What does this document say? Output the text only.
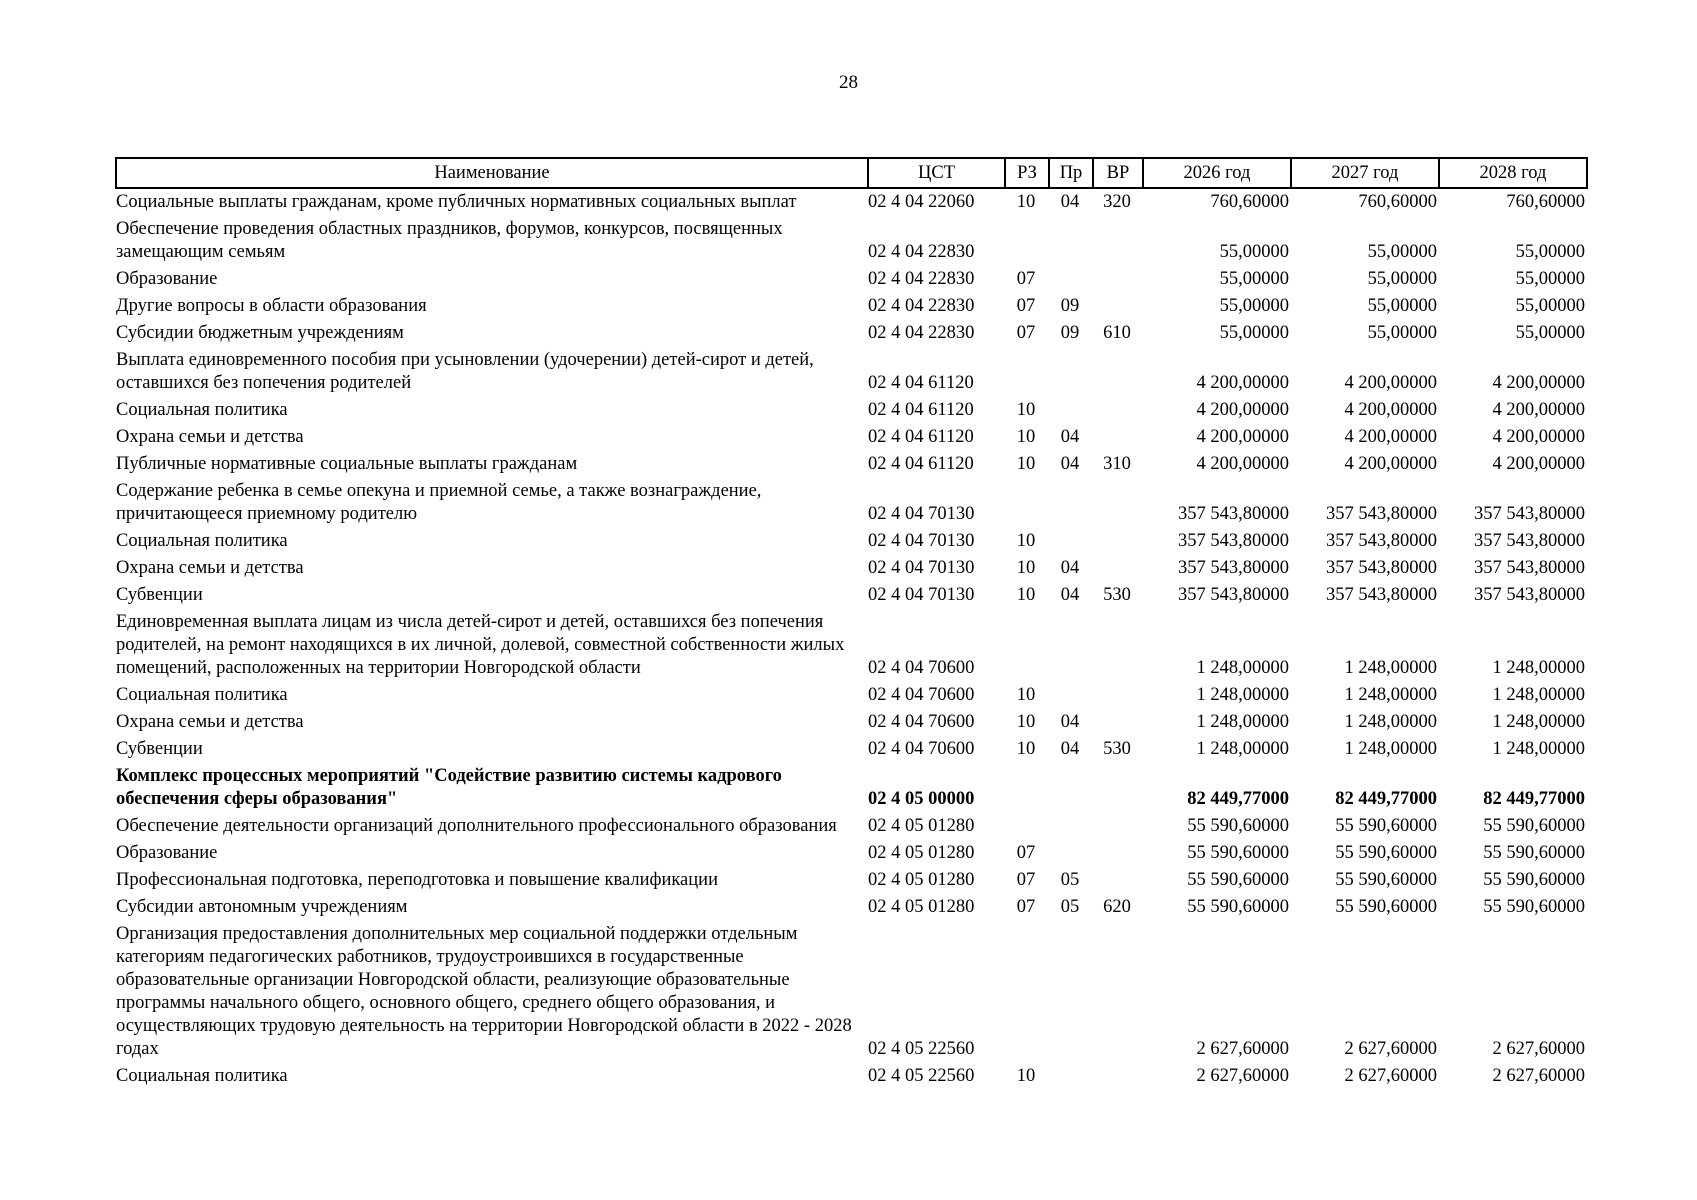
28
Наименование	ЦСТ	РЗ	Пр	ВР	2026 год	2027 год	2028 год
Социальные выплаты гражданам, кроме публичных нормативных социальных выплат	02 4 04 22060	10	04	320	760,60000	760,60000	760,60000
Обеспечение проведения областных праздников, форумов, конкурсов, посвященных замещающим семьям	02 4 04 22830				55,00000	55,00000	55,00000
Образование	02 4 04 22830	07			55,00000	55,00000	55,00000
Другие вопросы в области образования	02 4 04 22830	07	09		55,00000	55,00000	55,00000
Субсидии бюджетным учреждениям	02 4 04 22830	07	09	610	55,00000	55,00000	55,00000
Выплата единовременного пособия при усыновлении (удочерении) детей-сирот и детей, оставшихся без попечения родителей	02 4 04 61120				4 200,00000	4 200,00000	4 200,00000
Социальная политика	02 4 04 61120	10			4 200,00000	4 200,00000	4 200,00000
Охрана семьи и детства	02 4 04 61120	10	04		4 200,00000	4 200,00000	4 200,00000
Публичные нормативные социальные выплаты гражданам	02 4 04 61120	10	04	310	4 200,00000	4 200,00000	4 200,00000
Содержание ребенка в семье опекуна и приемной семье, а также вознаграждение, причитающееся приемному родителю	02 4 04 70130				357 543,80000	357 543,80000	357 543,80000
Социальная политика	02 4 04 70130	10			357 543,80000	357 543,80000	357 543,80000
Охрана семьи и детства	02 4 04 70130	10	04		357 543,80000	357 543,80000	357 543,80000
Субвенции	02 4 04 70130	10	04	530	357 543,80000	357 543,80000	357 543,80000
Единовременная выплата лицам из числа детей-сирот и детей, оставшихся без попечения родителей, на ремонт находящихся в их личной, долевой, совместной собственности жилых помещений, расположенных на территории Новгородской области	02 4 04 70600				1 248,00000	1 248,00000	1 248,00000
Социальная политика	02 4 04 70600	10			1 248,00000	1 248,00000	1 248,00000
Охрана семьи и детства	02 4 04 70600	10	04		1 248,00000	1 248,00000	1 248,00000
Субвенции	02 4 04 70600	10	04	530	1 248,00000	1 248,00000	1 248,00000
Комплекс процессных мероприятий "Содействие развитию системы кадрового обеспечения сферы образования"	02 4 05 00000				82 449,77000	82 449,77000	82 449,77000
Обеспечение деятельности организаций дополнительного профессионального образования	02 4 05 01280				55 590,60000	55 590,60000	55 590,60000
Образование	02 4 05 01280	07			55 590,60000	55 590,60000	55 590,60000
Профессиональная подготовка, переподготовка и повышение квалификации	02 4 05 01280	07	05		55 590,60000	55 590,60000	55 590,60000
Субсидии автономным учреждениям	02 4 05 01280	07	05	620	55 590,60000	55 590,60000	55 590,60000
Организация предоставления дополнительных мер социальной поддержки отдельным категориям педагогических работников, трудоустроившихся в государственные образовательные организации Новгородской области, реализующие образовательные программы начального общего, основного общего, среднего общего образования, и осуществляющих трудовую деятельность на территории Новгородской области в 2022 - 2028 годах	02 4 05 22560				2 627,60000	2 627,60000	2 627,60000
Социальная политика	02 4 05 22560	10			2 627,60000	2 627,60000	2 627,60000
